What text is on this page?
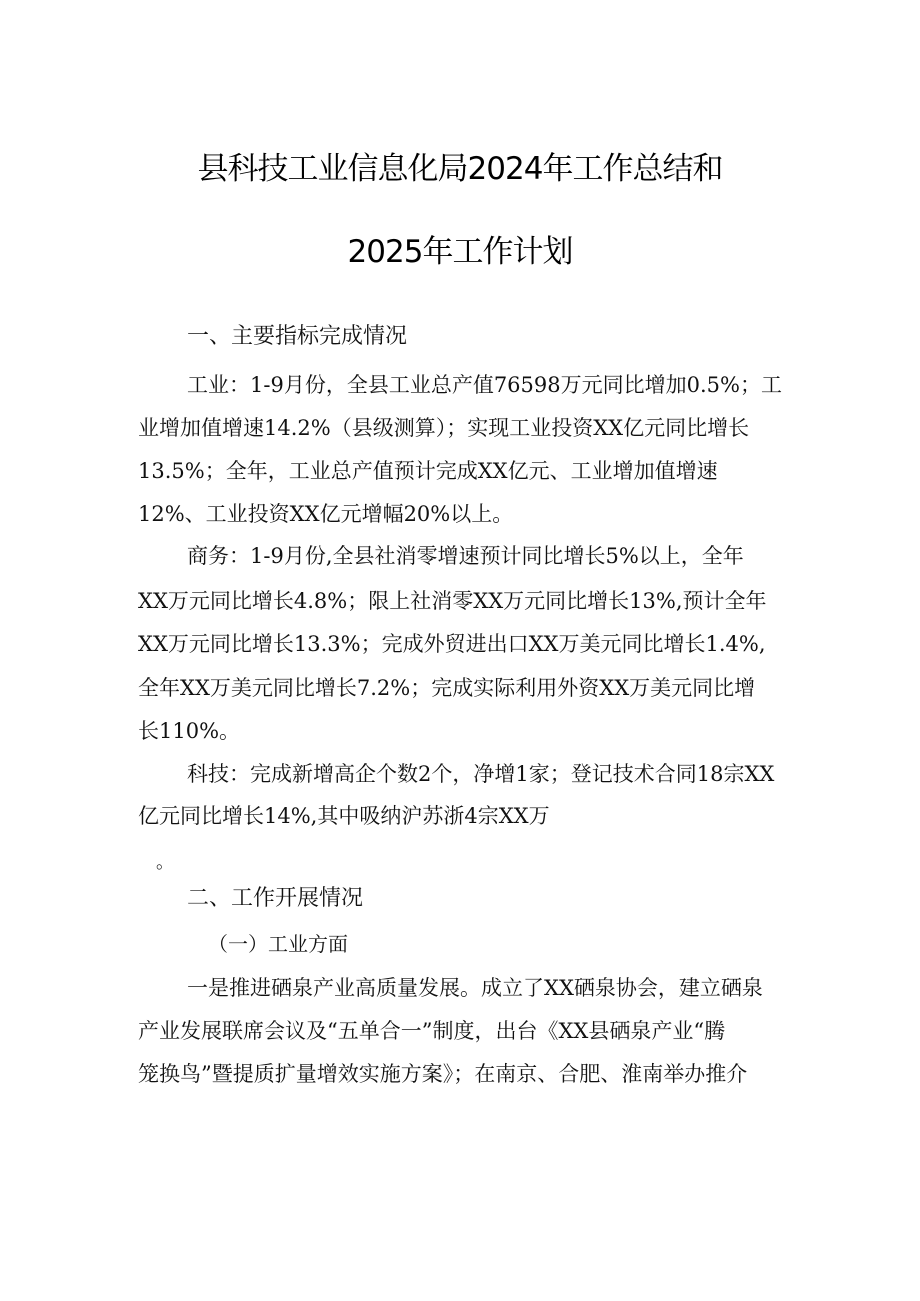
县科技工业信息化局2024年工作总结和
2025年工作计划
一、主要指标完成情况
工业：1-9月份，全县工业总产值76598万元同比增加0.5%；工
业增加值增速14.2%（县级测算）；实现工业投资XX亿元同比增长
13.5%；全年，工业总产值预计完成XX亿元、工业增加值增速
12%、工业投资XX亿元增幅20%以上。
商务：1-9月份,全县社消零增速预计同比增长5%以上，全年
XX万元同比增长4.8%；限上社消零XX万元同比增长13%,预计全年
XX万元同比增长13.3%；完成外贸进出口XX万美元同比增长1.4%,
全年XX万美元同比增长7.2%；完成实际利用外资XX万美元同比增
长110%。
科技：完成新增高企个数2个，净增1家；登记技术合同18宗XX
亿元同比增长14%,其中吸纳沪苏浙4宗XX万
。
二、工作开展情况
（一）工业方面
一是推进硒泉产业高质量发展。成立了XX硒泉协会，建立硒泉
产业发展联席会议及“五单合一”制度，出台《XX县硒泉产业“腾
笼换鸟”暨提质扩量增效实施方案》；在南京、合肥、淮南举办推介
